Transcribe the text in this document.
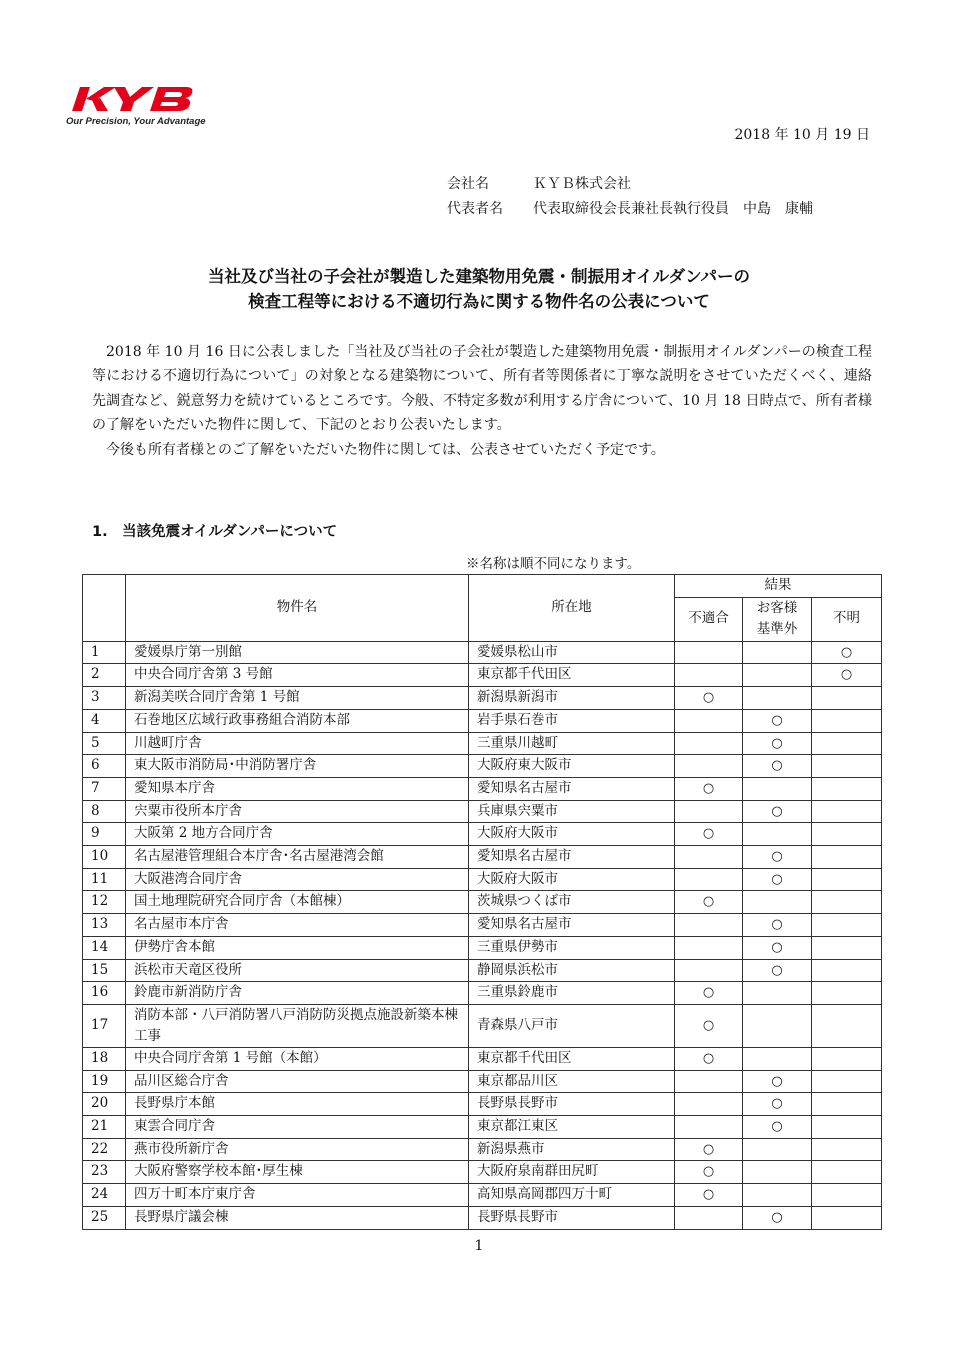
Our Precision, Your Advantage
2018 年 10 月 19 日
会社名	ＫＹＢ株式会社
代表者名 代表取締役会長兼社長執行役員　中島　康輔
当社及び当社の子会社が製造した建築物用免震・制振用オイルダンパーの
検査工程等における不適切行為に関する物件名の公表について

2018 年 10 月 16 日に公表しました「当社及び当社の子会社が製造した建築物用免震・制振用オイルダンパーの検査工程等における不適切行為について」の対象となる建築物について、所有者等関係者に丁寧な説明をさせていただくべく、連絡先調査など、鋭意努力を続けているところです。今般、不特定多数が利用する庁舎について、10 月 18 日時点で、所有者様の了解をいただいた物件に関して、下記のとおり公表いたします。

今後も所有者様とのご了解をいただいた物件に関しては、公表させていただく予定です。

1.　当該免震オイルダンパーについて
※名称は順不同になります。
	物件名	所在地	結果		
			不適合	お客様
基準外	不明
1	愛媛県庁第一別館	愛媛県松山市			○
2	中央合同庁舎第 3 号館	東京都千代田区			○
3	新潟美咲合同庁舎第 1 号館	新潟県新潟市	○		
4	石巻地区広域行政事務組合消防本部	岩手県石巻市		○	
5	川越町庁舎	三重県川越町		○	
6	東大阪市消防局･中消防署庁舎	大阪府東大阪市		○	
7	愛知県本庁舎	愛知県名古屋市	○		
8	宍粟市役所本庁舎	兵庫県宍粟市		○	
9	大阪第 2 地方合同庁舎	大阪府大阪市	○		
10	名古屋港管理組合本庁舎･名古屋港湾会館	愛知県名古屋市		○	
11	大阪港湾合同庁舎	大阪府大阪市		○	
12	国土地理院研究合同庁舎（本館棟）	茨城県つくば市	○		
13	名古屋市本庁舎	愛知県名古屋市		○	
14	伊勢庁舎本館	三重県伊勢市		○	
15	浜松市天竜区役所	静岡県浜松市		○	
16	鈴鹿市新消防庁舎	三重県鈴鹿市	○		
17	消防本部・八戸消防署八戸消防防災拠点施設新築本棟工事	青森県八戸市	○		
18	中央合同庁舎第 1 号館（本館）	東京都千代田区	○		
19	品川区総合庁舎	東京都品川区		○	
20	長野県庁本館	長野県長野市		○	
21	東雲合同庁舎	東京都江東区		○	
22	燕市役所新庁舎	新潟県燕市	○		
23	大阪府警察学校本館･厚生棟	大阪府泉南群田尻町	○		
24	四万十町本庁東庁舎	高知県高岡郡四万十町	○		
25	長野県庁議会棟	長野県長野市		○	
1
